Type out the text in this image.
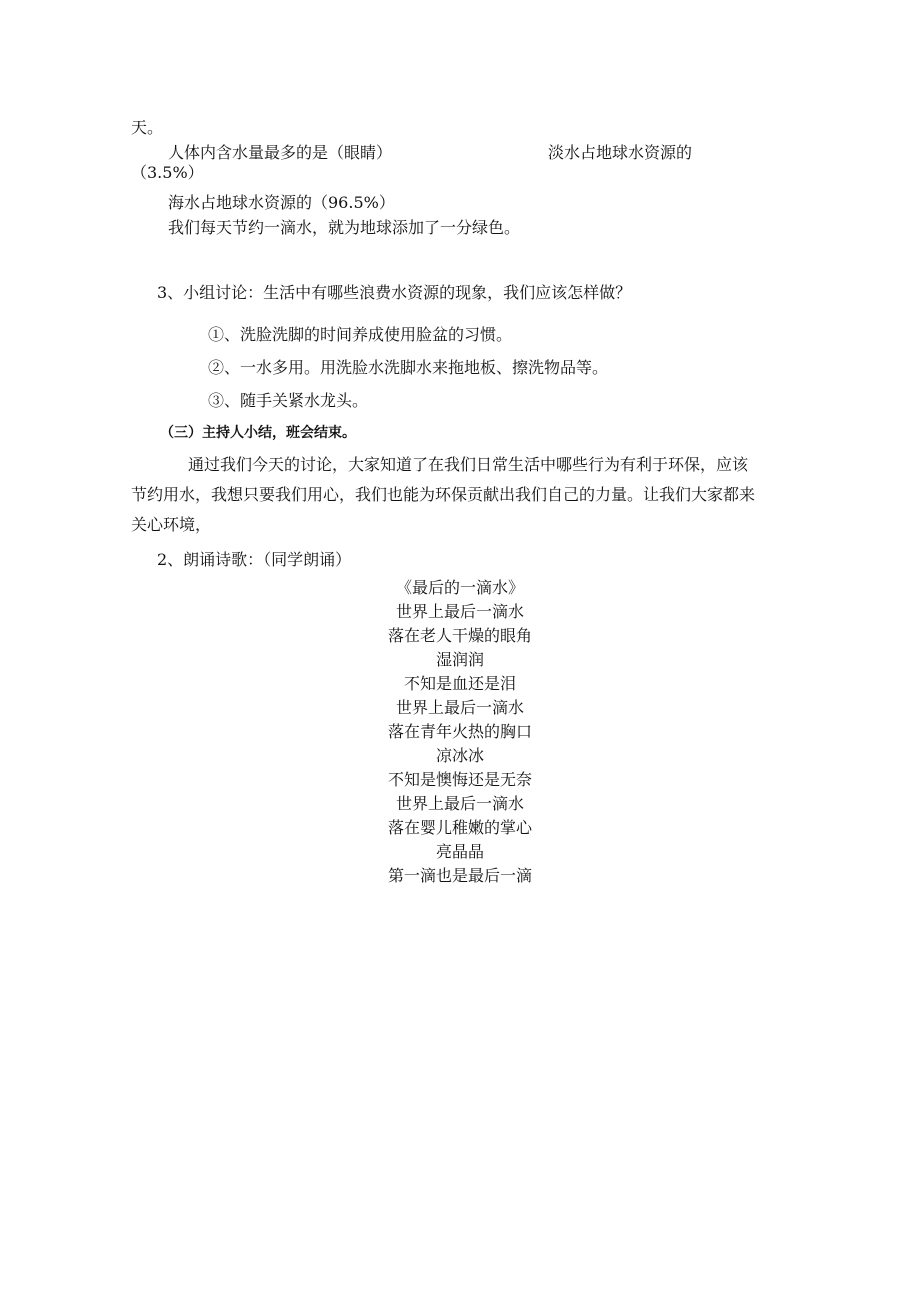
天。
人体内含水量最多的是（眼睛）	淡水占地球水资源的
（3.5%）
海水占地球水资源的（96.5%）
我们每天节约一滴水，就为地球添加了一分绿色。
3、小组讨论：生活中有哪些浪费水资源的现象，我们应该怎样做？
①、洗脸洗脚的时间养成使用脸盆的习惯。
②、一水多用。用洗脸水洗脚水来拖地板、擦洗物品等。
③、随手关紧水龙头。
（三）主持人小结，班会结束。
通过我们今天的讨论，大家知道了在我们日常生活中哪些行为有利于环保，应该
节约用水，我想只要我们用心，我们也能为环保贡献出我们自己的力量。让我们大家都来
关心环境，
2、朗诵诗歌：（同学朗诵）
《最后的一滴水》
世界上最后一滴水
落在老人干燥的眼角
湿润润
不知是血还是泪
世界上最后一滴水
落在青年火热的胸口
凉冰冰
不知是懊悔还是无奈
世界上最后一滴水
落在婴儿稚嫩的掌心
亮晶晶
第一滴也是最后一滴
